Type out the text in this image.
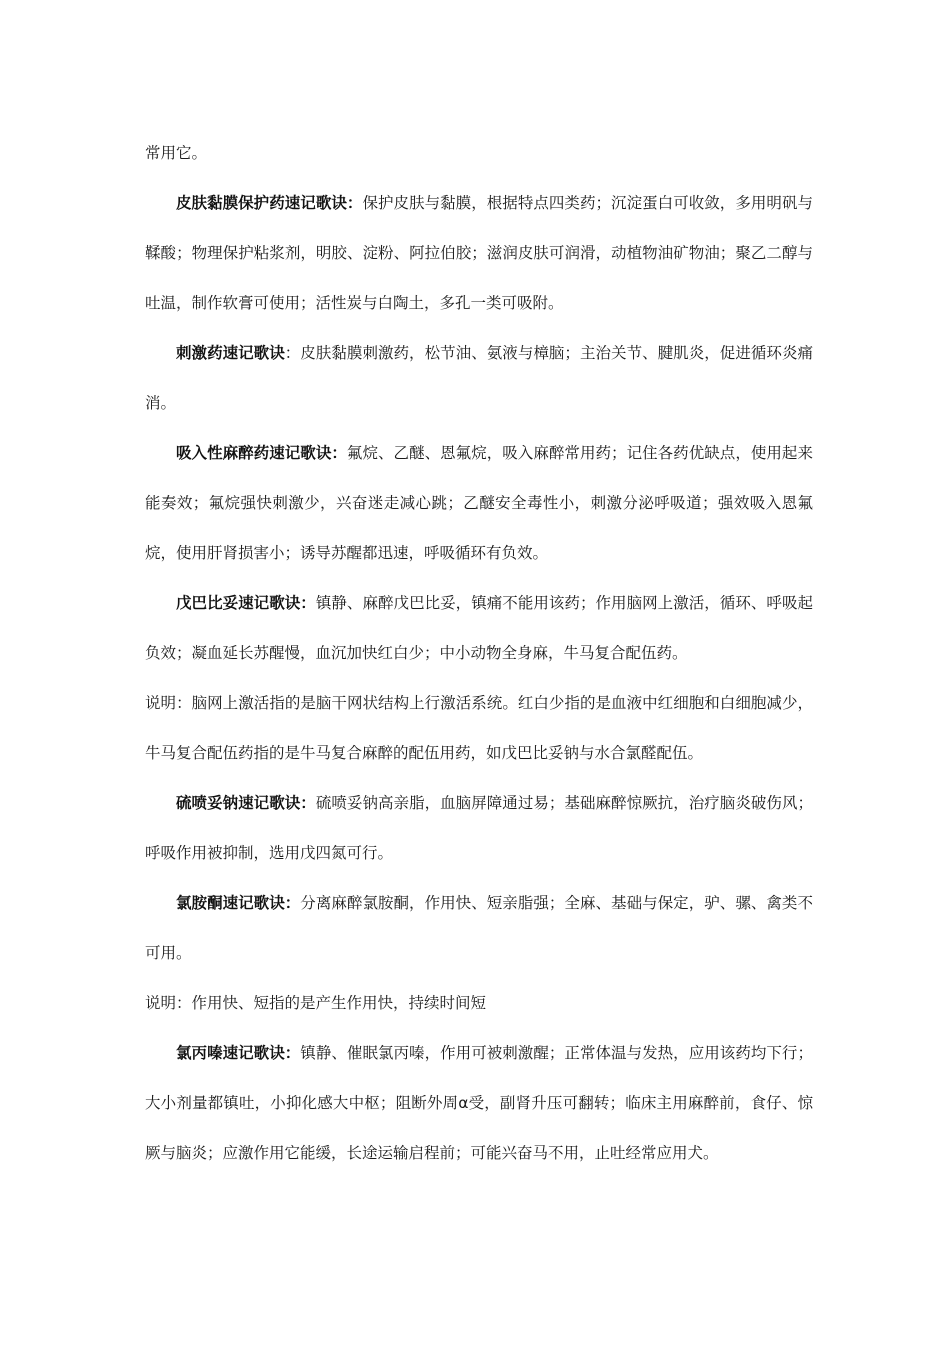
常用它。

皮肤黏膜保护药速记歌诀：保护皮肤与黏膜，根据特点四类药；沉淀蛋白可收敛，多用明矾与鞣酸；物理保护粘浆剂，明胶、淀粉、阿拉伯胶；滋润皮肤可润滑，动植物油矿物油；聚乙二醇与吐温，制作软膏可使用；活性炭与白陶土，多孔一类可吸附。

刺激药速记歌诀：皮肤黏膜刺激药，松节油、氨液与樟脑；主治关节、腱肌炎，促进循环炎痛消。

吸入性麻醉药速记歌诀：氟烷、乙醚、恩氟烷，吸入麻醉常用药；记住各药优缺点，使用起来能奏效；氟烷强快刺激少，兴奋迷走减心跳；乙醚安全毒性小，刺激分泌呼吸道；强效吸入恩氟烷，使用肝肾损害小；诱导苏醒都迅速，呼吸循环有负效。

戊巴比妥速记歌诀：镇静、麻醉戊巴比妥，镇痛不能用该药；作用脑网上激活，循环、呼吸起负效；凝血延长苏醒慢，血沉加快红白少；中小动物全身麻，牛马复合配伍药。

说明：脑网上激活指的是脑干网状结构上行激活系统。红白少指的是血液中红细胞和白细胞减少，牛马复合配伍药指的是牛马复合麻醉的配伍用药，如戊巴比妥钠与水合氯醛配伍。

硫喷妥钠速记歌诀：硫喷妥钠高亲脂，血脑屏障通过易；基础麻醉惊厥抗，治疗脑炎破伤风；呼吸作用被抑制，选用戊四氮可行。

氯胺酮速记歌诀：分离麻醉氯胺酮，作用快、短亲脂强；全麻、基础与保定，驴、骡、禽类不可用。

说明：作用快、短指的是产生作用快，持续时间短

氯丙嗪速记歌诀：镇静、催眠氯丙嗪，作用可被刺激醒；正常体温与发热，应用该药均下行；大小剂量都镇吐，小抑化感大中枢；阻断外周α受，副肾升压可翻转；临床主用麻醉前，食仔、惊厥与脑炎；应激作用它能缓，长途运输启程前；可能兴奋马不用，止吐经常应用犬。
